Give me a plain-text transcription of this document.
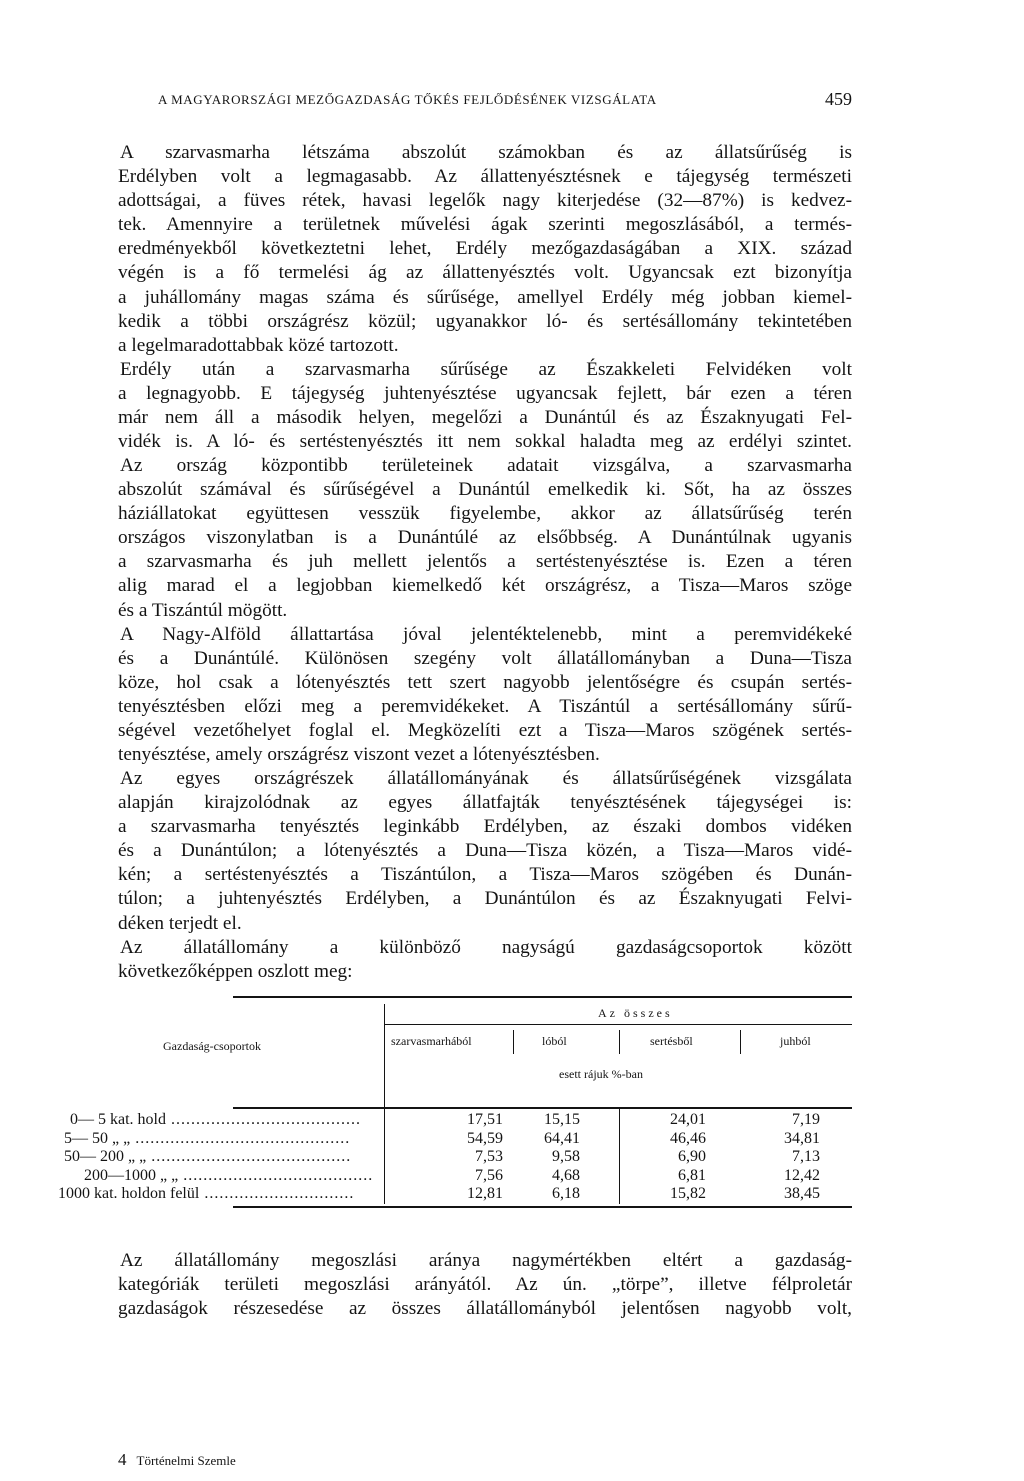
A MAGYARORSZÁGI MEZŐGAZDASÁG TŐKÉS FEJLŐDÉSÉNEK VIZSGÁLATA	459
A szarvasmarha létszáma abszolút számokban és az állatsűrűség is
Erdélyben volt a legmagasabb. Az állattenyésztésnek e tájegység természeti
adottságai, a füves rétek, havasi legelők nagy kiterjedése (32—87%) is kedvez-
tek. Amennyire a területnek művelési ágak szerinti megoszlásából, a termés-
eredményekből következtetni lehet, Erdély mezőgazdaságában a XIX. század
végén is a fő termelési ág az állattenyésztés volt. Ugyancsak ezt bizonyítja
a juhállomány magas száma és sűrűsége, amellyel Erdély még jobban kiemel-
kedik a többi országrész közül; ugyanakkor ló- és sertésállomány tekintetében
a legelmaradottabbak közé tartozott.
Erdély után a szarvasmarha sűrűsége az Északkeleti Felvidéken volt
a legnagyobb. E tájegység juhtenyésztése ugyancsak fejlett, bár ezen a téren
már nem áll a második helyen, megelőzi a Dunántúl és az Északnyugati Fel-
vidék is. A ló- és sertéstenyésztés itt nem sokkal haladta meg az erdélyi szintet.
Az ország központibb területeinek adatait vizsgálva, a szarvasmarha
abszolút számával és sűrűségével a Dunántúl emelkedik ki. Sőt, ha az összes
háziállatokat együttesen vesszük figyelembe, akkor az állatsűrűség terén
országos viszonylatban is a Dunántúlé az elsőbbség. A Dunántúlnak ugyanis
a szarvasmarha és juh mellett jelentős a sertéstenyésztése is. Ezen a téren
alig marad el a legjobban kiemelkedő két országrész, a Tisza—Maros szöge
és a Tiszántúl mögött.
A Nagy-Alföld állattartása jóval jelentéktelenebb, mint a peremvidékeké
és a Dunántúlé. Különösen szegény volt állatállományban a Duna—Tisza
köze, hol csak a lótenyésztés tett szert nagyobb jelentőségre és csupán sertés-
tenyésztésben előzi meg a peremvidékeket. A Tiszántúl a sertésállomány sűrű-
ségével vezetőhelyet foglal el. Megközelíti ezt a Tisza—Maros szögének sertés-
tenyésztése, amely országrész viszont vezet a lótenyésztésben.
Az egyes országrészek állatállományának és állatsűrűségének vizsgálata
alapján kirajzolódnak az egyes állatfajták tenyésztésének tájegységei is:
a szarvasmarha tenyésztés leginkább Erdélyben, az északi dombos vidéken
és a Dunántúlon; a lótenyésztés a Duna—Tisza közén, a Tisza—Maros vidé-
kén; a sertéstenyésztés a Tiszántúlon, a Tisza—Maros szögében és Dunán-
túlon; a juhtenyésztés Erdélyben, a Dunántúlon és az Északnyugati Felvi-
déken terjedt el.
Az állatállomány a különböző nagyságú gazdaságcsoportok között
következőképpen oszlott meg:
Az összes
Gazdaság-csoportok	szarvasmarhából	lóból	sertésből	juhból
esett rájuk %-ban
0— 5 kat. hold ......................................	17,51	15,15	24,01	7,19
5— 50 „ „ ...........................................	54,59	64,41	46,46	34,81
50— 200 „ „ ........................................	7,53	9,58	6,90	7,13
200—1000 „ „ ......................................	7,56	4,68	6,81	12,42
1000 kat. holdon felül ..............................	12,81	6,18	15,82	38,45
Az állatállomány megoszlási aránya nagymértékben eltért a gazdaság-
kategóriák területi megoszlási arányától. Az ún. „törpe”, illetve félproletár
gazdaságok részesedése az összes állatállományból jelentősen nagyobb volt,
4 Történelmi Szemle
